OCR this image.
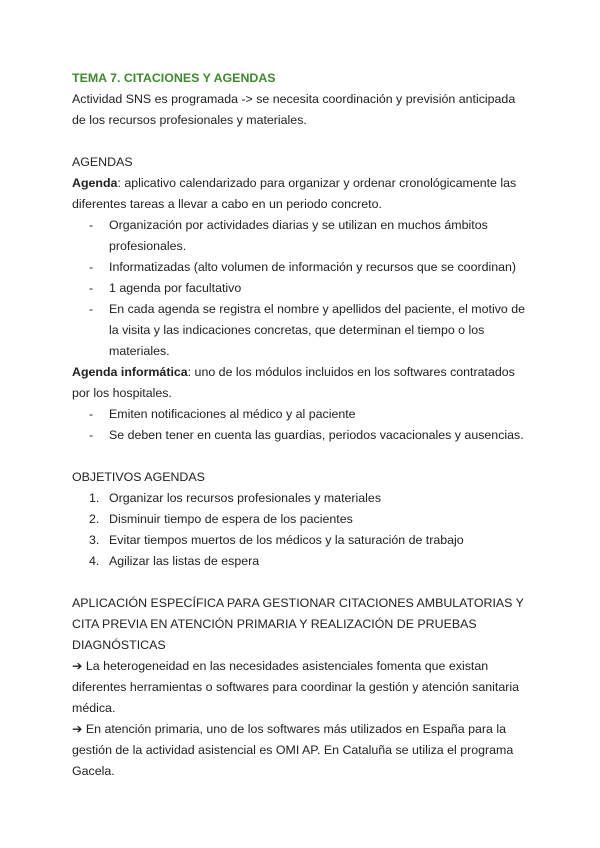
TEMA 7. CITACIONES Y AGENDAS

Actividad SNS es programada -> se necesita coordinación y previsión anticipada de los recursos profesionales y materiales.

AGENDAS

Agenda: aplicativo calendarizado para organizar y ordenar cronológicamente las diferentes tareas a llevar a cabo en un periodo concreto.

- Organización por actividades diarias y se utilizan en muchos ámbitos profesionales.
- Informatizadas (alto volumen de información y recursos que se coordinan)
- 1 agenda por facultativo
- En cada agenda se registra el nombre y apellidos del paciente, el motivo de la visita y las indicaciones concretas, que determinan el tiempo o los materiales.

Agenda informática: uno de los módulos incluidos en los softwares contratados por los hospitales.

- Emiten notificaciones al médico y al paciente
- Se deben tener en cuenta las guardias, periodos vacacionales y ausencias.

OBJETIVOS AGENDAS

1. Organizar los recursos profesionales y materiales
2. Disminuir tiempo de espera de los pacientes
3. Evitar tiempos muertos de los médicos y la saturación de trabajo
4. Agilizar las listas de espera

APLICACIÓN ESPECÍFICA PARA GESTIONAR CITACIONES AMBULATORIAS Y CITA PREVIA EN ATENCIÓN PRIMARIA Y REALIZACIÓN DE PRUEBAS DIAGNÓSTICAS

➔ La heterogeneidad en las necesidades asistenciales fomenta que existan diferentes herramientas o softwares para coordinar la gestión y atención sanitaria médica.

➔ En atención primaria, uno de los softwares más utilizados en España para la gestión de la actividad asistencial es OMI AP. En Cataluña se utiliza el programa Gacela.
